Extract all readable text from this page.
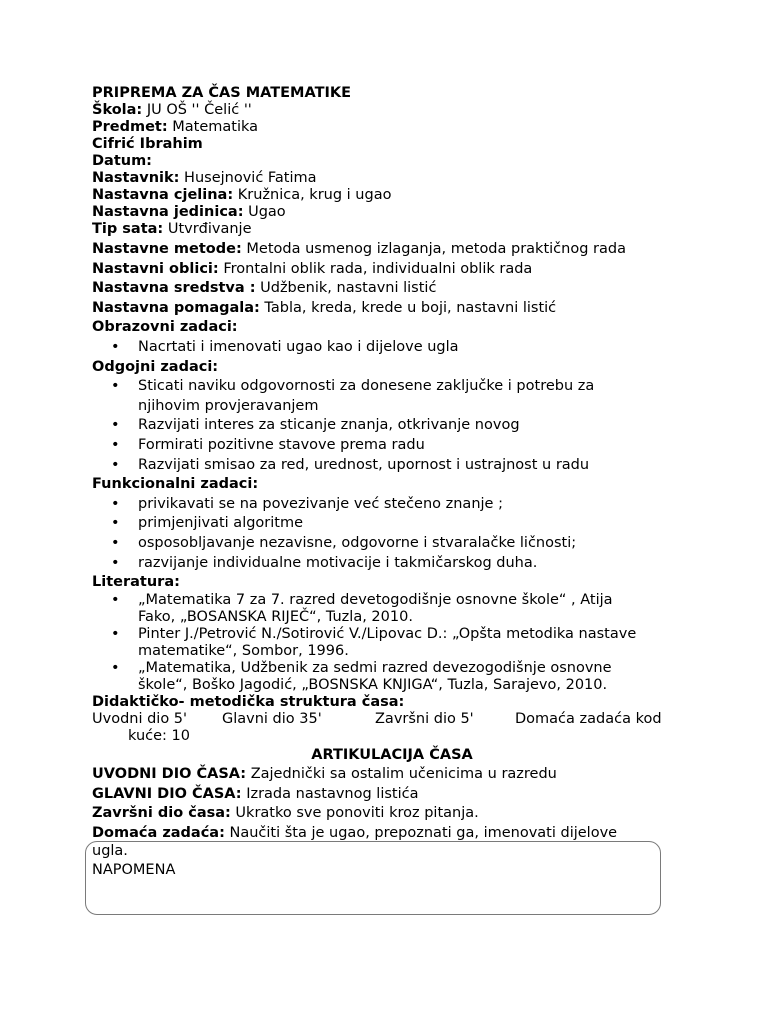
PRIPREMA ZA ČAS MATEMATIKE
Škola: JU OŠ '' Čelić ''
Predmet: Matematika
Cifrić Ibrahim
Datum:
Nastavnik: Husejnović Fatima
Nastavna cjelina: Kružnica, krug i ugao
Nastavna jedinica: Ugao
Tip sata: Utvrđivanje
Nastavne metode: Metoda usmenog izlaganja, metoda praktičnog rada
Nastavni oblici: Frontalni oblik rada, individualni oblik rada
Nastavna sredstva : Udžbenik, nastavni listić
Nastavna pomagala: Tabla, kreda, krede u boji, nastavni listić
Obrazovni zadaci:
• Nacrtati i imenovati ugao kao i dijelove ugla
Odgojni zadaci:
• Sticati naviku odgovornosti za donesene zaključke i potrebu za
njihovim provjeravanjem
• Razvijati interes za sticanje znanja, otkrivanje novog
• Formirati pozitivne stavove prema radu
• Razvijati smisao za red, urednost, upornost i ustrajnost u radu
Funkcionalni zadaci:
• privikavati se na povezivanje već stečeno znanje ;
• primjenjivati algoritme
• osposobljavanje nezavisne, odgovorne i stvaralačke ličnosti;
• razvijanje individualne motivacije i takmičarskog duha.
Literatura:
• „Matematika 7 za 7. razred devetogodišnje osnovne škole“ , Atija
Fako, „BOSANSKA RIJEČ“, Tuzla, 2010.
• Pinter J./Petrović N./Sotirović V./Lipovac D.: „Opšta metodika nastave
matematike“, Sombor, 1996.
• „Matematika, Udžbenik za sedmi razred devezogodišnje osnovne
škole“, Boško Jagodić, „BOSNSKA KNJIGA“, Tuzla, Sarajevo, 2010.
Didaktičko- metodička struktura časa:
Uvodni dio 5'	Glavni dio 35'	Završni dio 5'	Domaća zadaća kod
kuće: 10
ARTIKULACIJA ČASA
UVODNI DIO ČASA: Zajednički sa ostalim učenicima u razredu
GLAVNI DIO ČASA: Izrada nastavnog listića
Završni dio časa: Ukratko sve ponoviti kroz pitanja.
Domaća zadaća: Naučiti šta je ugao, prepoznati ga, imenovati dijelove
ugla.
NAPOMENA
